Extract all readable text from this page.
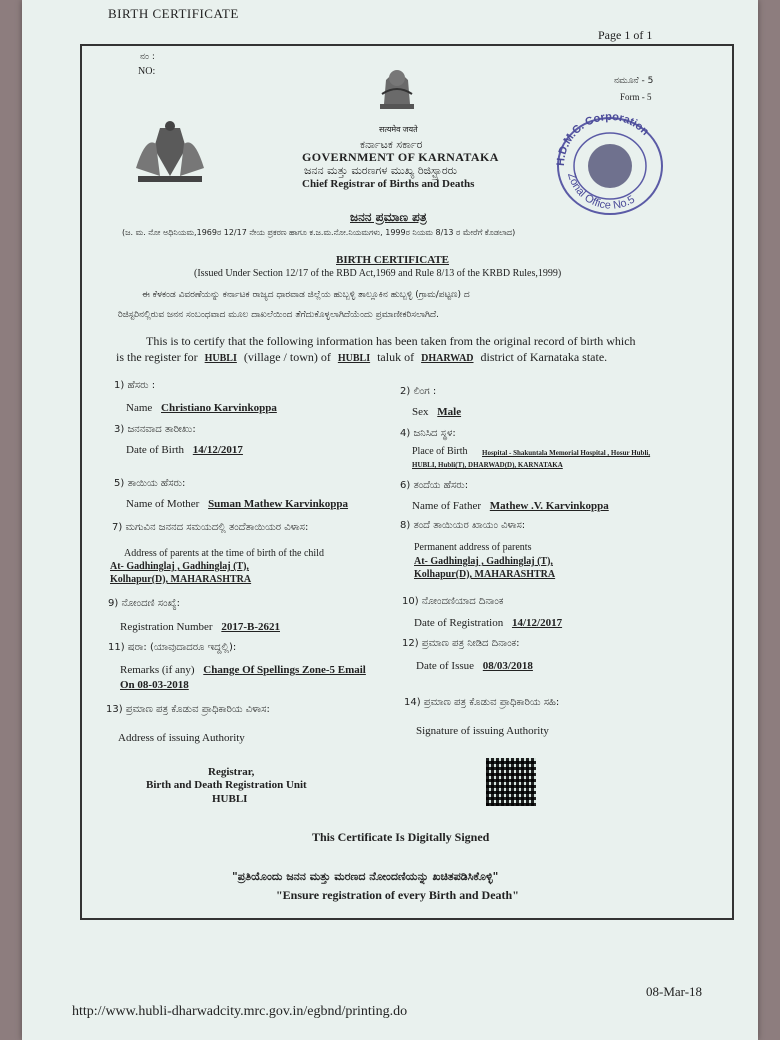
BIRTH CERTIFICATE
Page 1 of 1
ನಂ :
NO:
ನಮೂನೆ - 5
Form - 5
सत्यमेव जयते
ಕರ್ನಾಟಕ ಸರ್ಕಾರ
GOVERNMENT OF KARNATAKA
ಜನನ ಮತ್ತು ಮರಣಗಳ ಮುಖ್ಯ ರಿಜಿಸ್ಟ್ರಾರರು
Chief Registrar of Births and Deaths
H.D.M.C. Corporation
Zonal Office No.5
ಜನನ ಪ್ರಮಾಣ ಪತ್ರ
(ಜ. ಮ. ನೋ ಅಧಿನಿಯಮ,1969ರ 12/17 ನೇಯ ಪ್ರಕರಣ ಹಾಗೂ ಕ.ಜ.ಮ.ನೋ.ನಿಯಮಗಳು, 1999ರ ನಿಯಮ 8/13 ರ ಮೇರೆಗೆ ಕೊಡಲಾದ)
BIRTH CERTIFICATE
(Issued Under Section 12/17 of the RBD Act,1969 and Rule 8/13 of the KRBD Rules,1999)
ಈ ಕೆಳಕಂಡ ವಿವರಣೆಯನ್ನು ಕರ್ನಾಟಕ ರಾಜ್ಯದ ಧಾರವಾಡ ಜಿಲ್ಲೆಯ ಹುಬ್ಬಳ್ಳಿ ತಾಲ್ಲೂಕಿನ ಹುಬ್ಬಳ್ಳಿ (ಗ್ರಾಮ/ಪಟ್ಟಣ) ದ
ರಿಜಿಸ್ಟರಿನಲ್ಲಿರುವ ಜನನ ಸಂಬಂಧವಾದ ಮೂಲ ದಾಖಲೆಯಿಂದ ತೆಗೆದುಕೊಳ್ಳಲಾಗಿದೆಯೆಂದು ಪ್ರಮಾಣೀಕರಿಸಲಾಗಿದೆ.
This is to certify that the following information has been taken from the original record of birth which
is the register for HUBLI (village / town) of HUBLI taluk of DHARWAD district of Karnataka state.
1) ಹೆಸರು :
2) ಲಿಂಗ :
Name Christiano Karvinkoppa	Sex Male
3) ಜನನವಾದ ತಾರೀಖು:	4) ಜನಿಸಿದ ಸ್ಥಳ:
Date of Birth 14/12/2017	Place of Birth Hospital - Shakuntala Memorial Hospital , Hosur Hubli,
HUBLI, Hubli(T), DHARWAD(D), KARNATAKA
5) ತಾಯಿಯ ಹೆಸರು:	6) ತಂದೆಯ ಹೆಸರು:
Name of Mother Suman Mathew Karvinkoppa	Name of Father Mathew .V. Karvinkoppa
7) ಮಗುವಿನ ಜನನದ ಸಮಯದಲ್ಲಿ ತಂದೆತಾಯಿಯರ ವಿಳಾಸ:	8) ತಂದೆ ತಾಯಿಯರ ಖಾಯಂ ವಿಳಾಸ:
Address of parents at the time of birth of the child
At- Gadhinglaj , Gadhinglaj (T),
Kolhapur(D), MAHARASHTRA
Permanent address of parents
At- Gadhinglaj , Gadhinglaj (T),
Kolhapur(D), MAHARASHTRA
9) ನೋಂದಣಿ ಸಂಖ್ಯೆ:	10) ನೋಂದಣಿಯಾದ ದಿನಾಂಕ
Registration Number 2017-B-2621	Date of Registration 14/12/2017
11) ಷರಾ: (ಯಾವುದಾದರೂ ಇದ್ದಲ್ಲಿ):	12) ಪ್ರಮಾಣ ಪತ್ರ ನೀಡಿದ ದಿನಾಂಕ:
Remarks (if any) Change Of Spellings Zone-5 Email
On 08-03-2018
Date of Issue 08/03/2018
13) ಪ್ರಮಾಣ ಪತ್ರ ಕೊಡುವ ಪ್ರಾಧಿಕಾರಿಯ ವಿಳಾಸ:
14) ಪ್ರಮಾಣ ಪತ್ರ ಕೊಡುವ ಪ್ರಾಧಿಕಾರಿಯ ಸಹಿ:
Address of issuing Authority
Signature of issuing Authority
Registrar,
Birth and Death Registration Unit
HUBLI
This Certificate Is Digitally Signed
"ಪ್ರತಿಯೊಂದು ಜನನ ಮತ್ತು ಮರಣದ ನೋಂದಣಿಯನ್ನು ಖಚಿತಪಡಿಸಿಕೊಳ್ಳಿ"
"Ensure registration of every Birth and Death"
http://www.hubli-dharwadcity.mrc.gov.in/egbnd/printing.do
08-Mar-18
